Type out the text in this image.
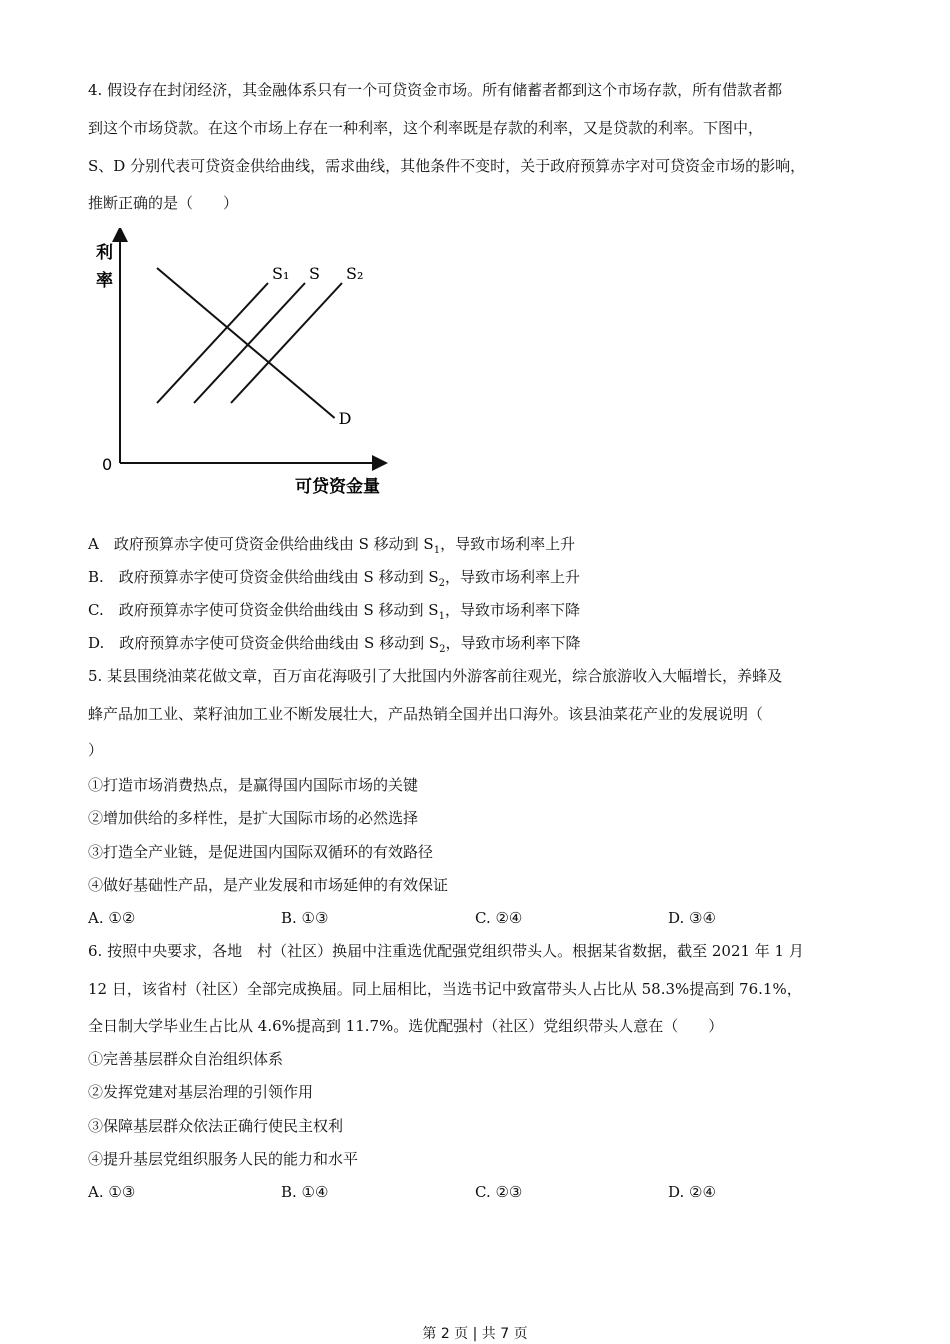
4. 假设存在封闭经济，其金融体系只有一个可贷资金市场。所有储蓄者都到这个市场存款，所有借款者都
到这个市场贷款。在这个市场上存在一种利率，这个利率既是存款的利率，又是贷款的利率。下图中，
S、D 分别代表可贷资金供给曲线，需求曲线，其他条件不变时，关于政府预算赤字对可贷资金市场的影响，
推断正确的是（　　）
利
率
0
可贷资金量
S₁ S S₂
D
A　政府预算赤字使可贷资金供给曲线由 S 移动到 $S_1$，导致市场利率上升
B.　政府预算赤字使可贷资金供给曲线由 S 移动到 $S_2$，导致市场利率上升
C.　政府预算赤字使可贷资金供给曲线由 S 移动到 $S_1$，导致市场利率下降
D.　政府预算赤字使可贷资金供给曲线由 S 移动到 $S_2$，导致市场利率下降
5. 某县围绕油菜花做文章，百万亩花海吸引了大批国内外游客前往观光，综合旅游收入大幅增长，养蜂及
蜂产品加工业、菜籽油加工业不断发展壮大，产品热销全国并出口海外。该县油菜花产业的发展说明（
）
①打造市场消费热点，是赢得国内国际市场的关键
②增加供给的多样性，是扩大国际市场的必然选择
③打造全产业链，是促进国内国际双循环的有效路径
④做好基础性产品，是产业发展和市场延伸的有效保证
A. ①②	B. ①③	C. ②④	D. ③④
6. 按照中央要求，各地　村（社区）换届中注重选优配强党组织带头人。根据某省数据，截至 2021 年 1 月
12 日，该省村（社区）全部完成换届。同上届相比，当选书记中致富带头人占比从 58.3%提高到 76.1%，
全日制大学毕业生占比从 4.6%提高到 11.7%。选优配强村（社区）党组织带头人意在（　　）
①完善基层群众自治组织体系
②发挥党建对基层治理的引领作用
③保障基层群众依法正确行使民主权利
④提升基层党组织服务人民的能力和水平
A. ①③	B. ①④	C. ②③	D. ②④
第 2 页 | 共 7 页
